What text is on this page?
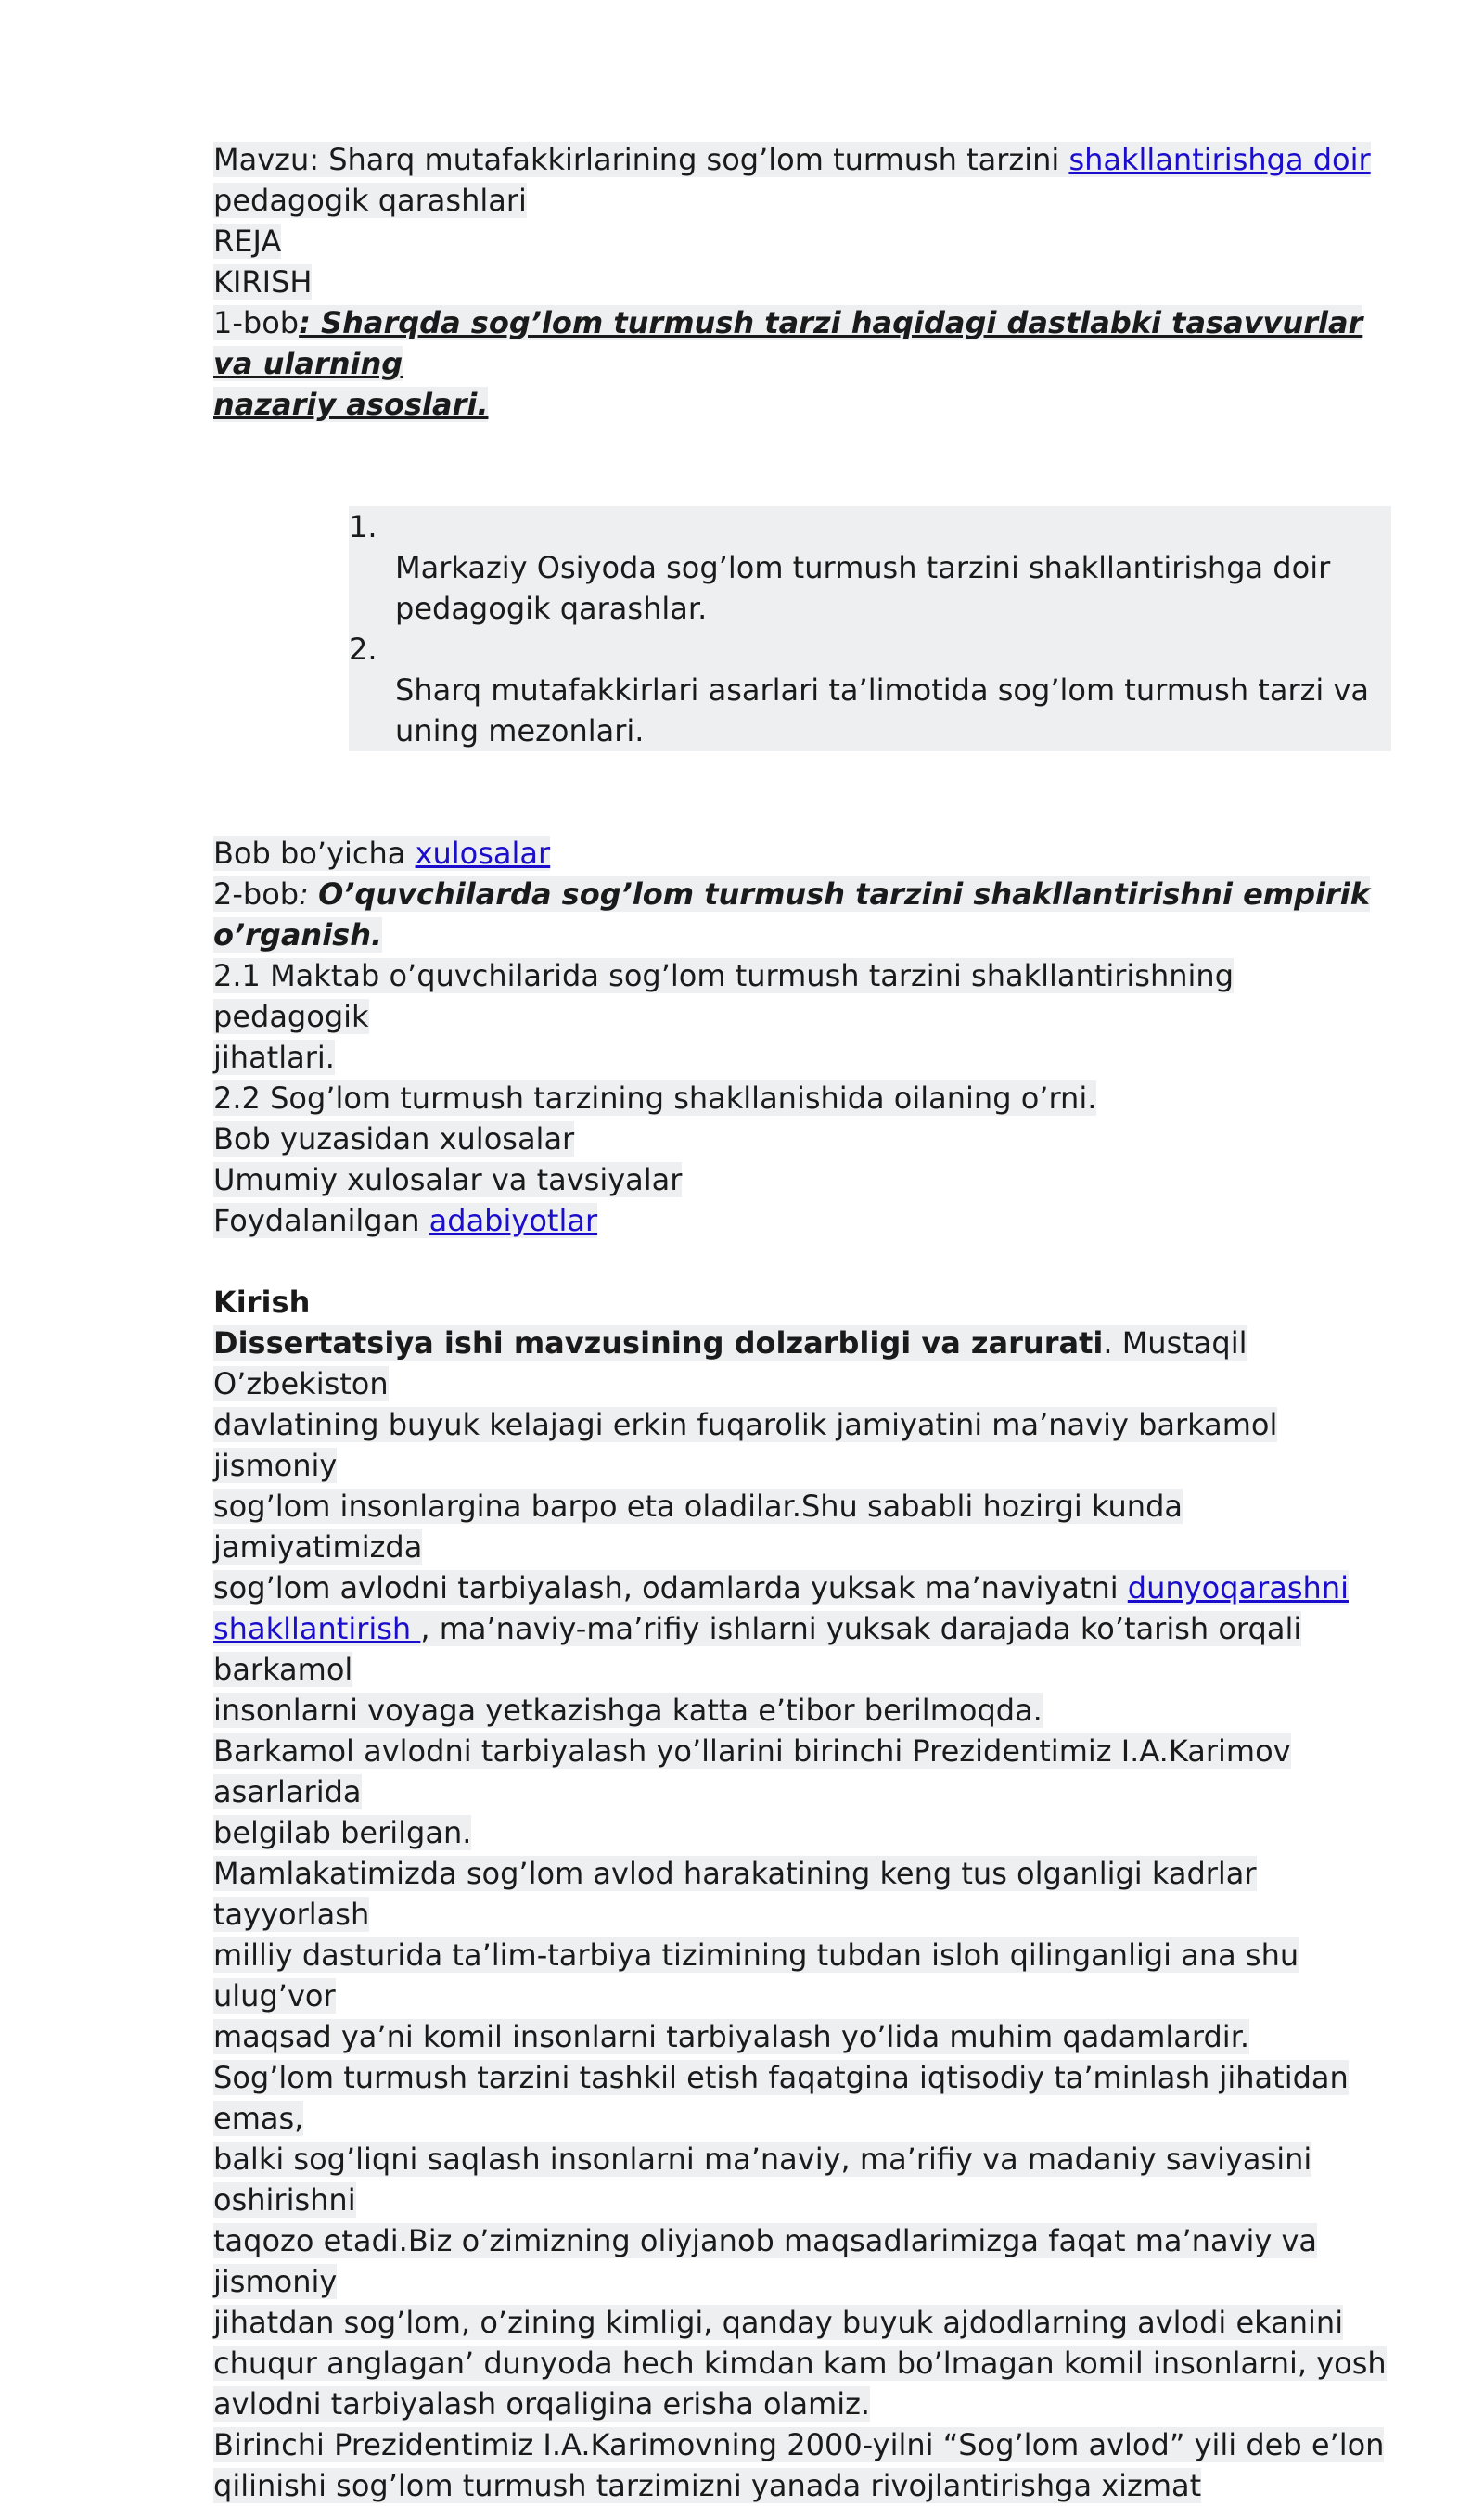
Mavzu: Sharq mutafakkirlarining sog’lom turmush tarzini shakllantirishga doir
pedagogik qarashlari
REJA
KIRISH
1-bob: Sharqda sog’lom turmush tarzi haqidagi dastlabki tasavvurlar va ularning
nazariy asoslari.
1.
Markaziy Osiyoda sog’lom turmush tarzini shakllantirishga doir
pedagogik qarashlar.
2.
Sharq mutafakkirlari asarlari ta’limotida sog’lom turmush tarzi va
uning mezonlari.
Bob bo’yicha xulosalar
2-bob: O’quvchilarda sog’lom turmush tarzini shakllantirishni empirik o’rganish.
2.1 Maktab o’quvchilarida sog’lom turmush tarzini shakllantirishning pedagogik
jihatlari.
2.2 Sog’lom turmush tarzining shakllanishida oilaning o’rni.
Bob yuzasidan xulosalar
Umumiy xulosalar va tavsiyalar
Foydalanilgan adabiyotlar
Kirish
Dissertatsiya ishi mavzusining dolzarbligi va zarurati. Mustaqil O’zbekiston
davlatining buyuk kelajagi erkin fuqarolik jamiyatini ma’naviy barkamol jismoniy
sog’lom insonlargina barpo eta oladilar.Shu sababli hozirgi kunda jamiyatimizda
sog’lom avlodni tarbiyalash, odamlarda yuksak ma’naviyatni dunyoqarashni
shakllantirish , ma’naviy-ma’rifiy ishlarni yuksak darajada ko’tarish orqali barkamol
insonlarni voyaga yetkazishga katta e’tibor berilmoqda.
Barkamol avlodni tarbiyalash yo’llarini birinchi Prezidentimiz I.A.Karimov asarlarida
belgilab berilgan.
Mamlakatimizda sog’lom avlod harakatining keng tus olganligi kadrlar tayyorlash
milliy dasturida ta’lim-tarbiya tizimining tubdan isloh qilinganligi ana shu ulug’vor
maqsad ya’ni komil insonlarni tarbiyalash yo’lida muhim qadamlardir.
Sog’lom turmush tarzini tashkil etish faqatgina iqtisodiy ta’minlash jihatidan emas,
balki sog’liqni saqlash insonlarni ma’naviy, ma’rifiy va madaniy saviyasini oshirishni
taqozo etadi.Biz o’zimizning oliyjanob maqsadlarimizga faqat ma’naviy va jismoniy
jihatdan sog’lom, o’zining kimligi, qanday buyuk ajdodlarning avlodi ekanini
chuqur anglagan’ dunyoda hech kimdan kam bo’lmagan komil insonlarni, yosh
avlodni tarbiyalash orqaligina erisha olamiz.
Birinchi Prezidentimiz I.A.Karimovning 2000-yilni “Sog’lom avlod” yili deb e’lon
qilinishi sog’lom turmush tarzimizni yanada rivojlantirishga xizmat
